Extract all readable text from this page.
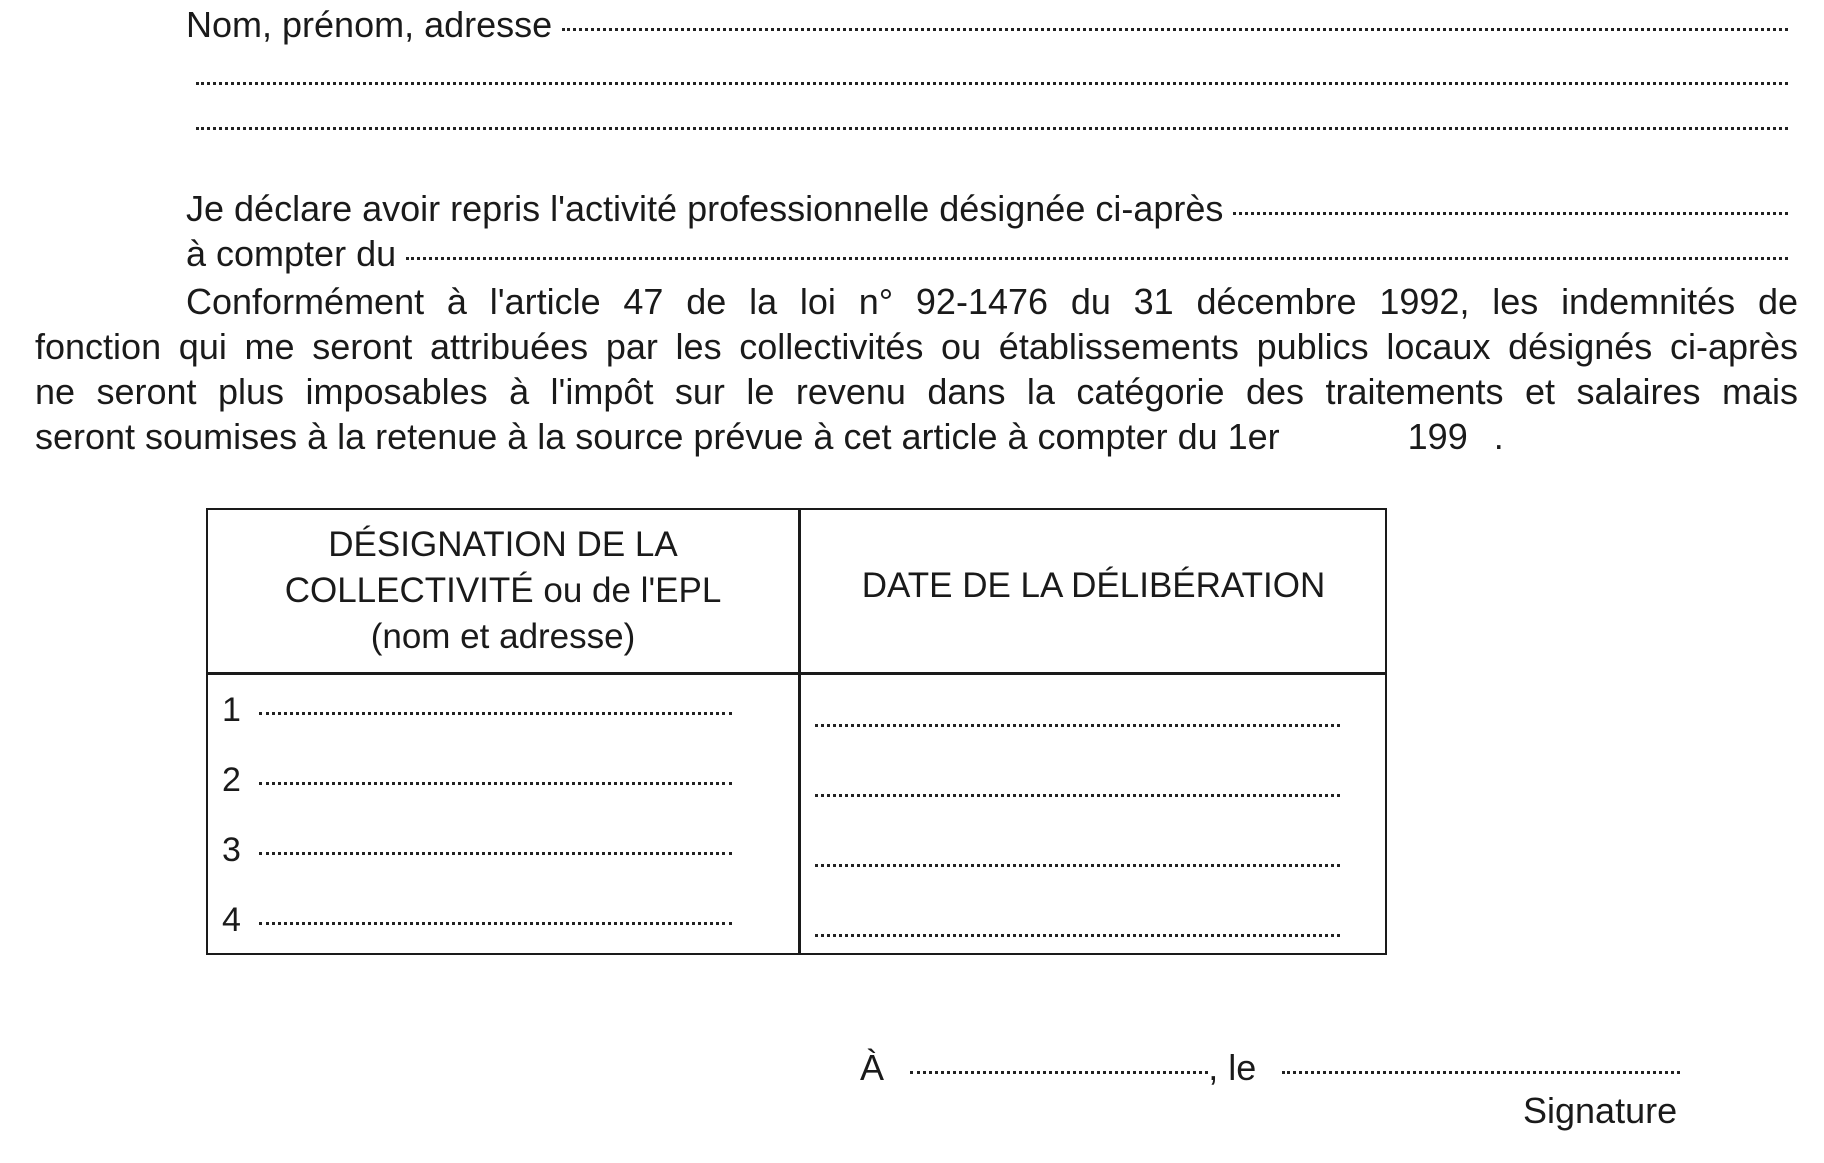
Nom, prénom, adresse
Je déclare avoir repris l'activité professionnelle désignée ci-après
à compter du
Conformément à l'article 47 de la loi n° 92-1476 du 31 décembre 1992, les indemnités de
fonction qui me seront attribuées par les collectivités ou établissements publics locaux désignés ci-après
ne seront plus imposables à l'impôt sur le revenu dans la catégorie des traitements et salaires mais
seront soumises à la retenue à la source prévue à cet article à compter du 1er	199 .
DÉSIGNATION DE LA
COLLECTIVITÉ ou de l'EPL
(nom et adresse)
DATE DE LA DÉLIBÉRATION
1
2
3
4
À	, le
Signature
